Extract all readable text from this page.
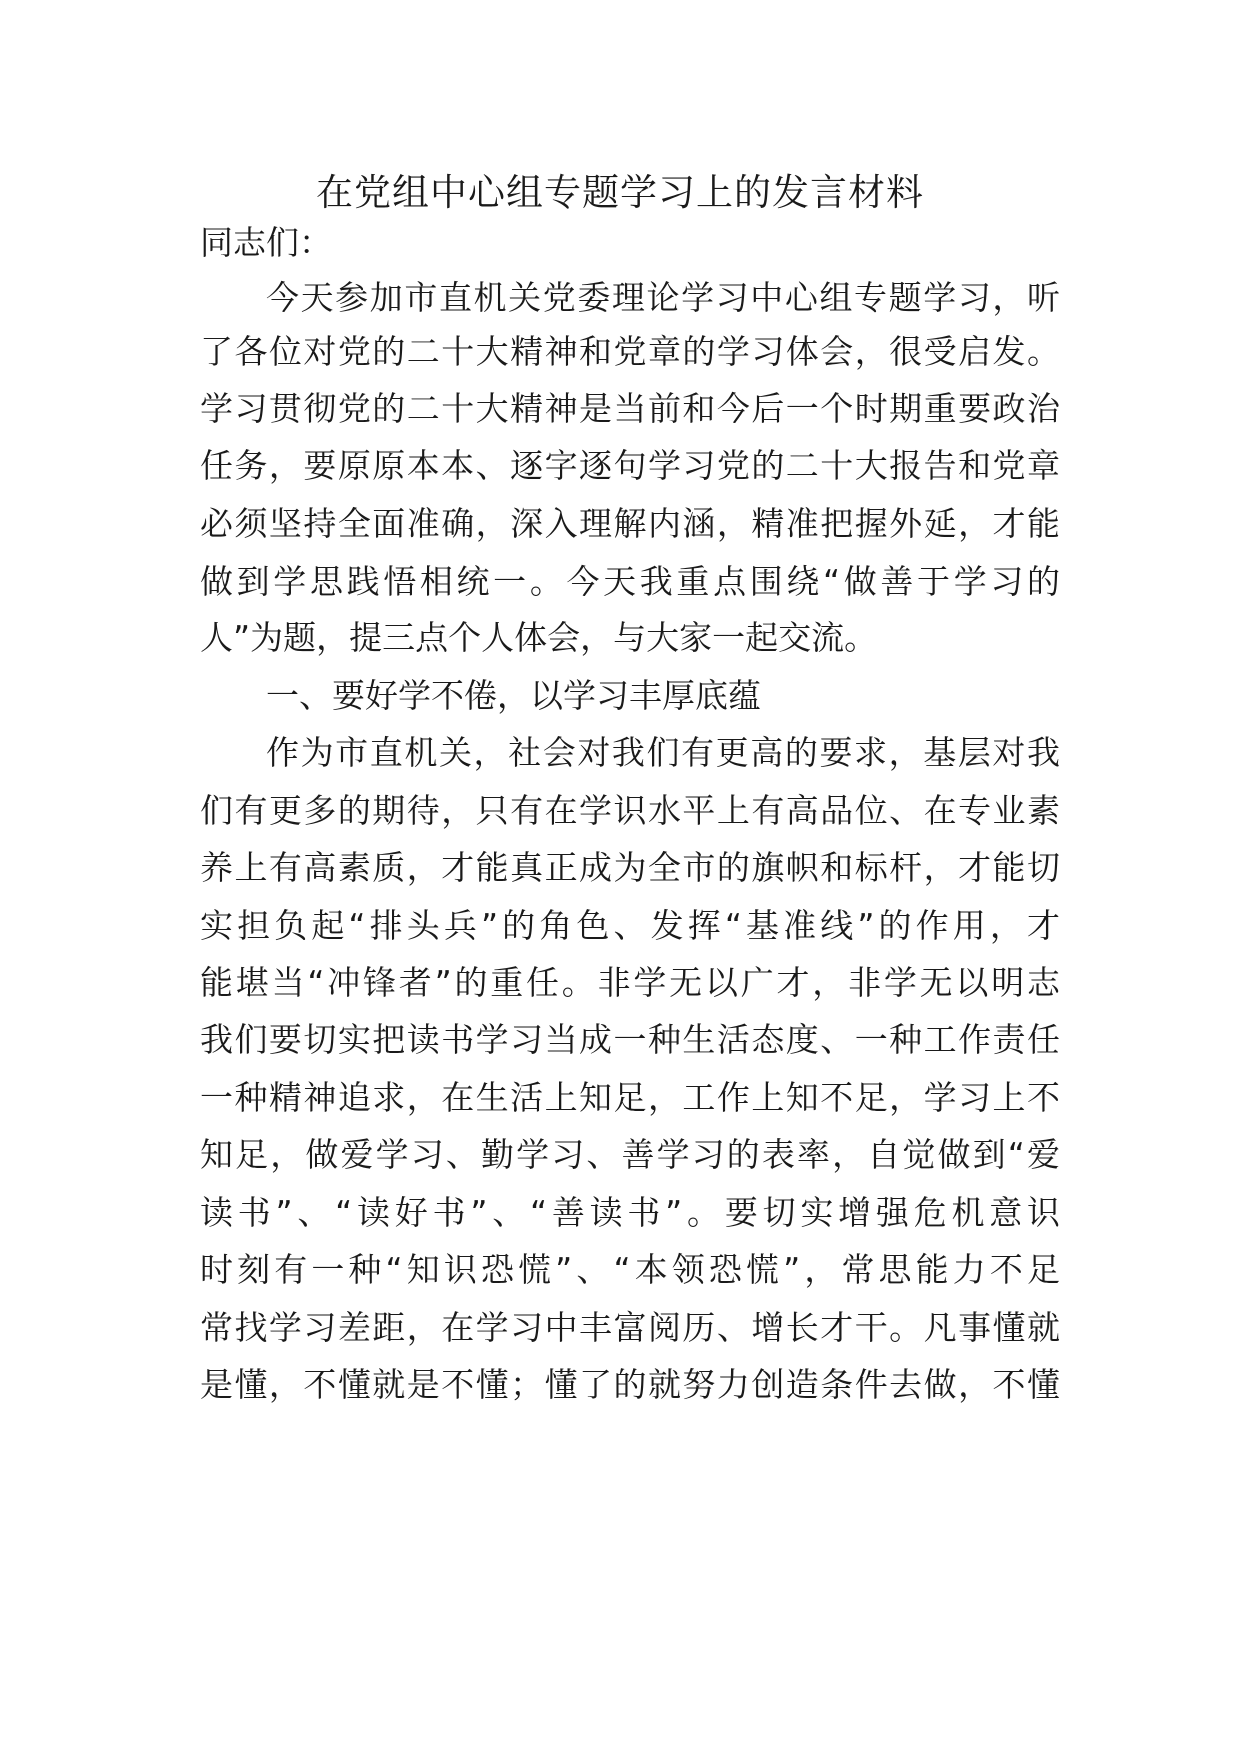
在党组中心组专题学习上的发言材料

同志们：

今天参加市直机关党委理论学习中心组专题学习，听

了各位对党的二十大精神和党章的学习体会，很受启发。

学习贯彻党的二十大精神是当前和今后一个时期重要政治

任务，要原原本本、逐字逐句学习党的二十大报告和党章

必须坚持全面准确，深入理解内涵，精准把握外延，才能

做到学思践悟相统一。今天我重点围绕“做善于学习的

人”为题，提三点个人体会，与大家一起交流。

一、要好学不倦，以学习丰厚底蕴

作为市直机关，社会对我们有更高的要求，基层对我

们有更多的期待，只有在学识水平上有高品位、在专业素

养上有高素质，才能真正成为全市的旗帜和标杆，才能切

实担负起“排头兵”的角色、发挥“基准线”的作用，才

能堪当“冲锋者”的重任。非学无以广才，非学无以明志

我们要切实把读书学习当成一种生活态度、一种工作责任

一种精神追求，在生活上知足，工作上知不足，学习上不

知足，做爱学习、勤学习、善学习的表率，自觉做到“爱

读书”、“读好书”、“善读书”。要切实增强危机意识

时刻有一种“知识恐慌”、“本领恐慌”，常思能力不足

常找学习差距，在学习中丰富阅历、增长才干。凡事懂就

是懂，不懂就是不懂；懂了的就努力创造条件去做，不懂
